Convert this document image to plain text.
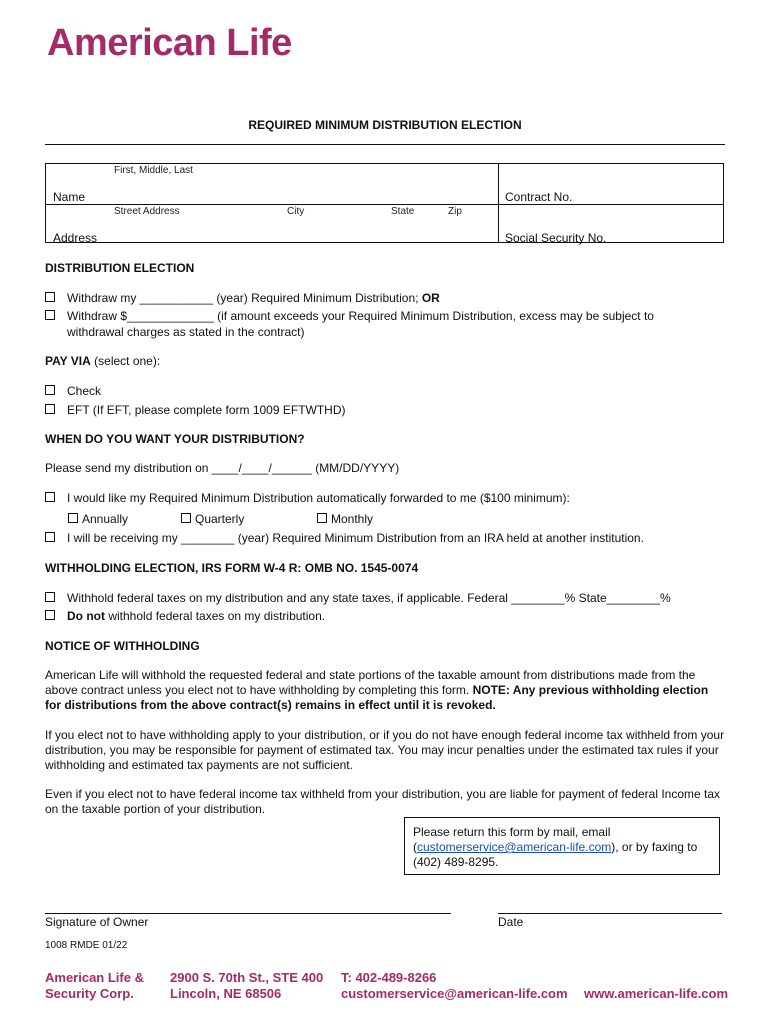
American Life
REQUIRED MINIMUM DISTRIBUTION ELECTION
First, Middle, Last
Name	Contract No.
Street Address	City	State	Zip
Address	Social Security No.
DISTRIBUTION ELECTION
Withdraw my ___________ (year) Required Minimum Distribution; OR
Withdraw $_____________ (if amount exceeds your Required Minimum Distribution, excess may be subject to
withdrawal charges as stated in the contract)
PAY VIA (select one):
Check
EFT (If EFT, please complete form 1009 EFTWTHD)
WHEN DO YOU WANT YOUR DISTRIBUTION?
Please send my distribution on ____/____/______ (MM/DD/YYYY)
I would like my Required Minimum Distribution automatically forwarded to me ($100 minimum):
Annually	Quarterly	Monthly
I will be receiving my ________ (year) Required Minimum Distribution from an IRA held at another institution.
WITHHOLDING ELECTION, IRS FORM W-4 R: OMB NO. 1545-0074
Withhold federal taxes on my distribution and any state taxes, if applicable. Federal ________% State________%
Do not withhold federal taxes on my distribution.
NOTICE OF WITHHOLDING
American Life will withhold the requested federal and state portions of the taxable amount from distributions made from the above contract unless you elect not to have withholding by completing this form. NOTE: Any previous withholding election for distributions from the above contract(s) remains in effect until it is revoked.
If you elect not to have withholding apply to your distribution, or if you do not have enough federal income tax withheld from your distribution, you may be responsible for payment of estimated tax. You may incur penalties under the estimated tax rules if your withholding and estimated tax payments are not sufficient.
Even if you elect not to have federal income tax withheld from your distribution, you are liable for payment of federal Income tax on the taxable portion of your distribution.
Please return this form by mail, email (customerservice@american-life.com), or by faxing to (402) 489-8295.
Signature of Owner	Date
1008 RMDE 01/22
American Life &
Security Corp.
2900 S. 70th St., STE 400
Lincoln, NE 68506
T: 402-489-8266
customerservice@american-life.com www.american-life.com
